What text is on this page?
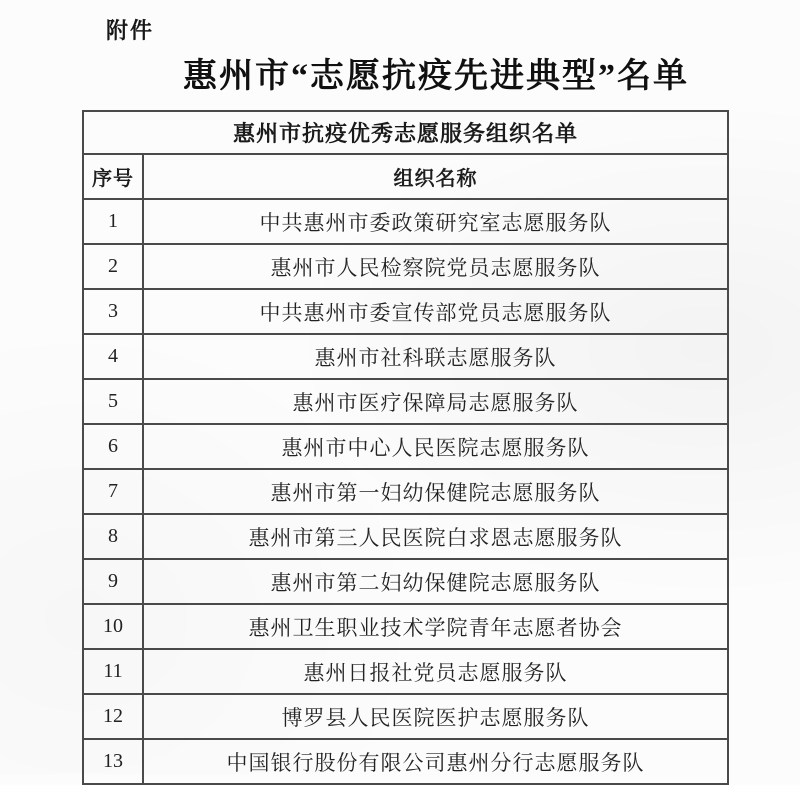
附件
惠州市“志愿抗疫先进典型”名单
惠州市抗疫优秀志愿服务组织名单	
序号	组织名称
1	中共惠州市委政策研究室志愿服务队
2	惠州市人民检察院党员志愿服务队
3	中共惠州市委宣传部党员志愿服务队
4	惠州市社科联志愿服务队
5	惠州市医疗保障局志愿服务队
6	惠州市中心人民医院志愿服务队
7	惠州市第一妇幼保健院志愿服务队
8	惠州市第三人民医院白求恩志愿服务队
9	惠州市第二妇幼保健院志愿服务队
10	惠州卫生职业技术学院青年志愿者协会
11	惠州日报社党员志愿服务队
12	博罗县人民医院医护志愿服务队
13	中国银行股份有限公司惠州分行志愿服务队
